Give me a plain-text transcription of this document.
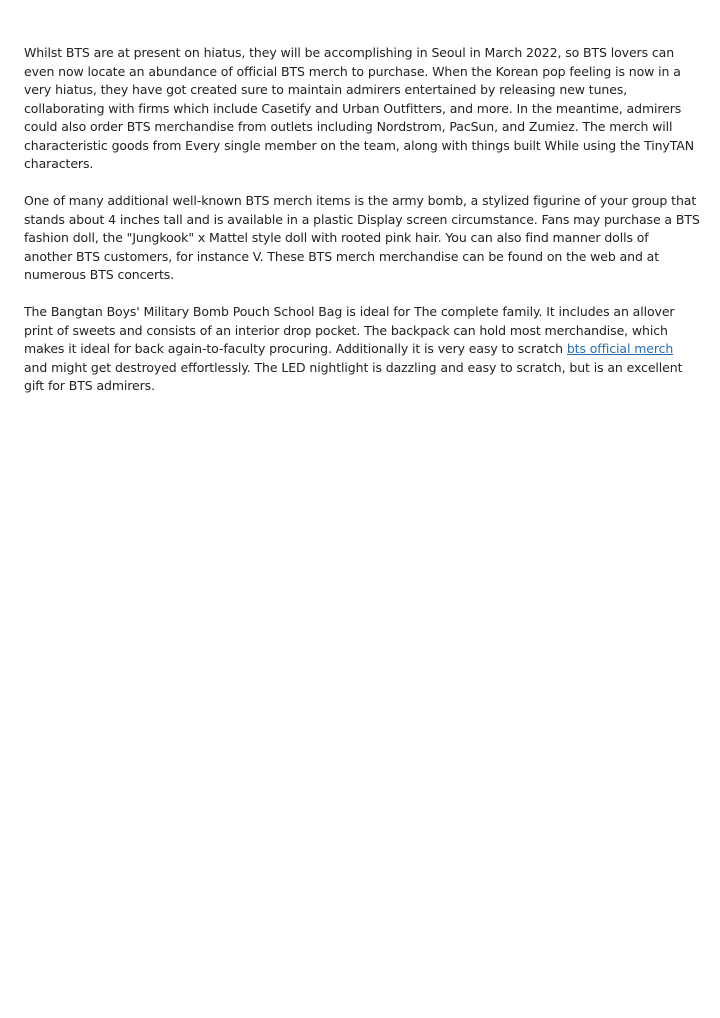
Whilst BTS are at present on hiatus, they will be accomplishing in Seoul in March 2022, so BTS lovers can even now locate an abundance of official BTS merch to purchase. When the Korean pop feeling is now in a very hiatus, they have got created sure to maintain admirers entertained by releasing new tunes, collaborating with firms which include Casetify and Urban Outfitters, and more. In the meantime, admirers could also order BTS merchandise from outlets including Nordstrom, PacSun, and Zumiez. The merch will characteristic goods from Every single member on the team, along with things built While using the TinyTAN characters.

One of many additional well-known BTS merch items is the army bomb, a stylized figurine of your group that stands about 4 inches tall and is available in a plastic Display screen circumstance. Fans may purchase a BTS fashion doll, the "Jungkook" x Mattel style doll with rooted pink hair. You can also find manner dolls of another BTS customers, for instance V. These BTS merch merchandise can be found on the web and at numerous BTS concerts.

The Bangtan Boys' Military Bomb Pouch School Bag is ideal for The complete family. It includes an allover print of sweets and consists of an interior drop pocket. The backpack can hold most merchandise, which makes it ideal for back again-to-faculty procuring. Additionally it is very easy to scratch bts official merch and might get destroyed effortlessly. The LED nightlight is dazzling and easy to scratch, but is an excellent gift for BTS admirers.
